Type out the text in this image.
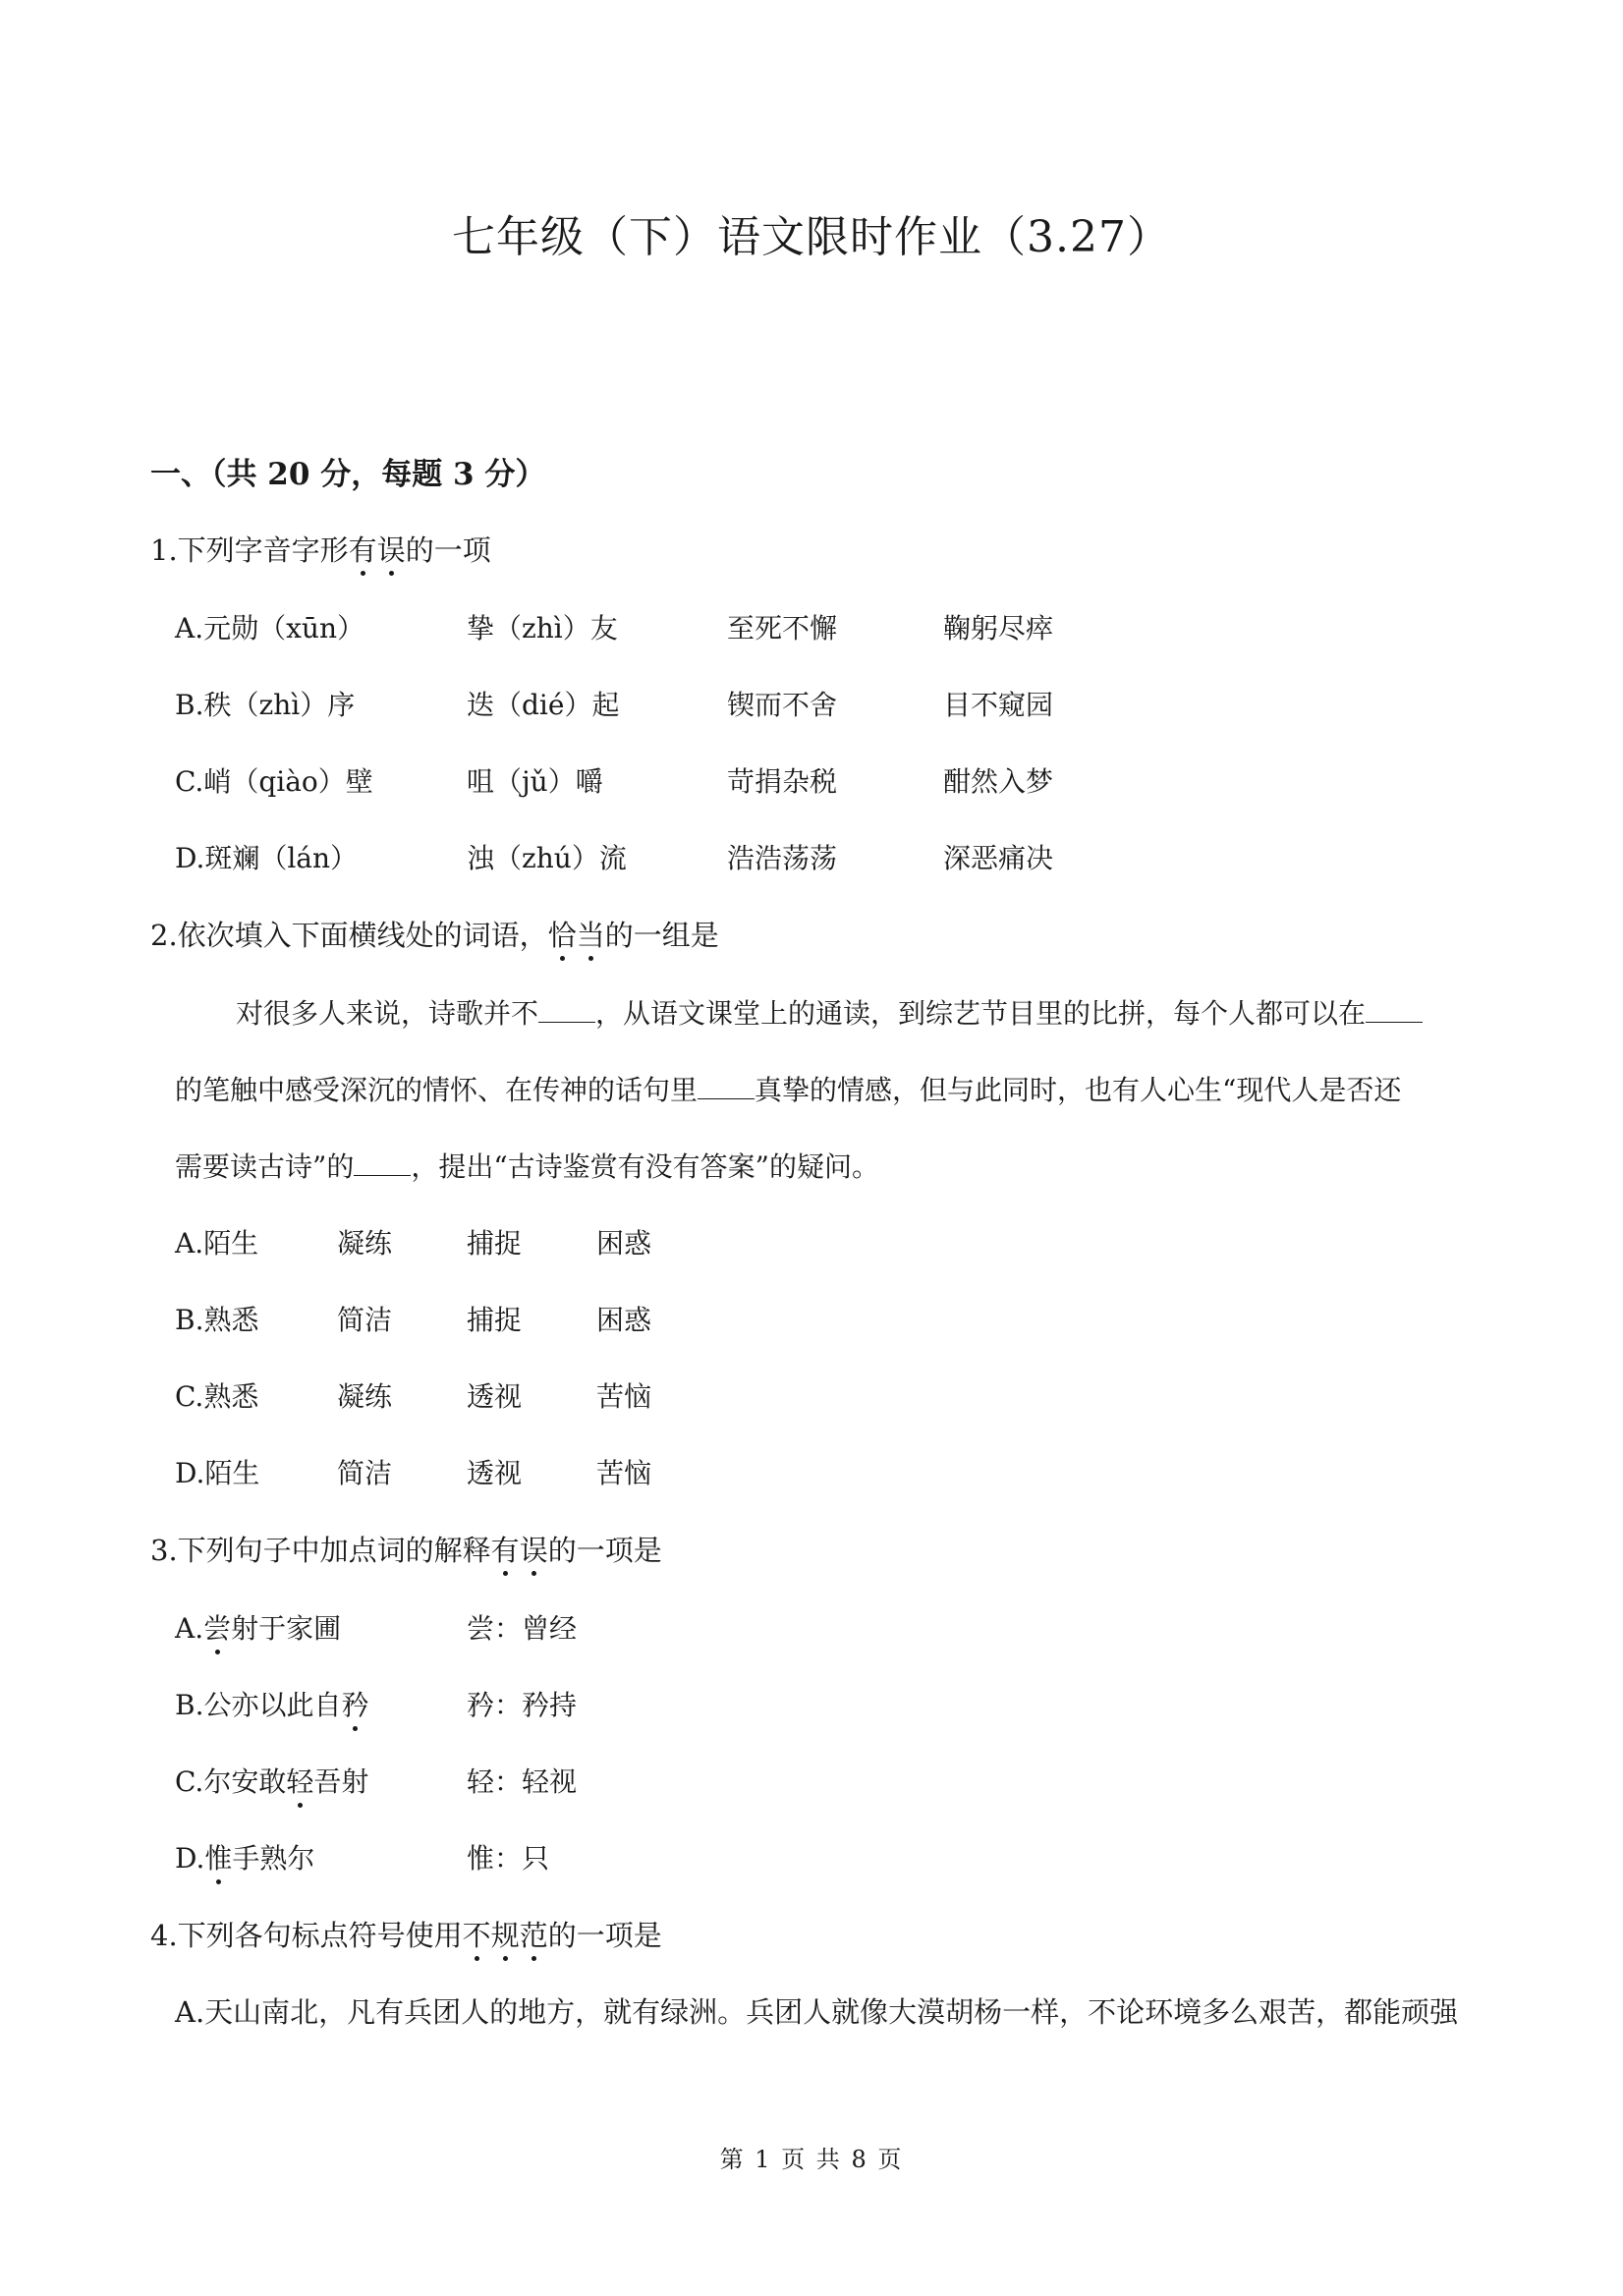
七年级（下）语文限时作业（3.27）
一、（共 20 分，每题 3 分）
1.下列字音字形有误的一项
A.元勋（xūn）	挚（zhì）友	至死不懈	鞠躬尽瘁
B.秩（zhì）序	迭（dié）起	锲而不舍	目不窥园
C.峭（qiào）壁	咀（jǔ）嚼	苛捐杂税	酣然入梦
D.斑斓（lán）	浊（zhú）流	浩浩荡荡	深恶痛决
2.依次填入下面横线处的词语，恰当的一组是
对很多人来说，诗歌并不 ，从语文课堂上的通读，到综艺节目里的比拼，每个人都可以在
的笔触中感受深沉的情怀、在传神的话句里 真挚的情感，但与此同时，也有人心生“现代人是否还
需要读古诗”的 ，提出“古诗鉴赏有没有答案”的疑问。
A.陌生	凝练	捕捉	困惑
B.熟悉	简洁	捕捉	困惑
C.熟悉	凝练	透视	苦恼
D.陌生	简洁	透视	苦恼
3.下列句子中加点词的解释有误的一项是
A.尝射于家圃	尝：曾经
B.公亦以此自矜	矜：矜持
C.尔安敢轻吾射	轻：轻视
D.惟手熟尔	惟：只
4.下列各句标点符号使用不规范的一项是
A.天山南北，凡有兵团人的地方，就有绿洲。兵团人就像大漠胡杨一样，不论环境多么艰苦，都能顽强
第 1 页 共 8 页
